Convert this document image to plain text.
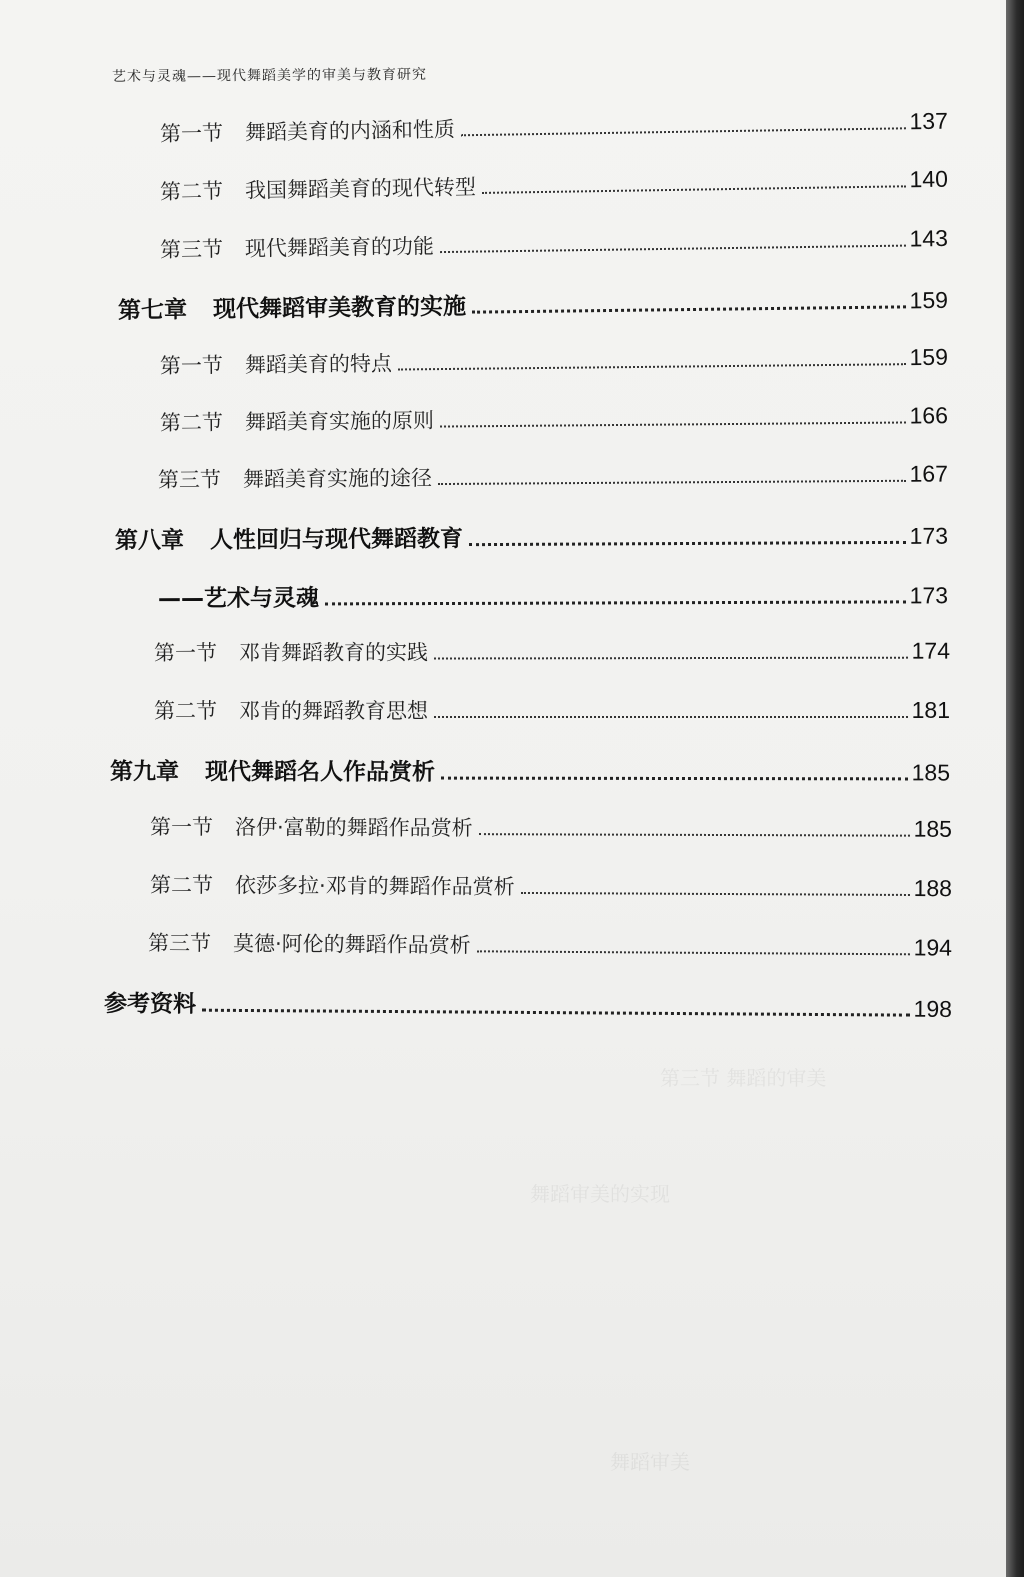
艺术与灵魂——现代舞蹈美学的审美与教育研究
第三节 舞蹈的审美
舞蹈审美的实现
舞蹈审美
第一节 舞蹈美育的内涵和性质	137
第二节 我国舞蹈美育的现代转型	140
第三节 现代舞蹈美育的功能	143
第七章 现代舞蹈审美教育的实施	159
第一节 舞蹈美育的特点	159
第二节 舞蹈美育实施的原则	166
第三节 舞蹈美育实施的途径	167
第八章 人性回归与现代舞蹈教育	173
——艺术与灵魂	173
第一节 邓肯舞蹈教育的实践	174
第二节 邓肯的舞蹈教育思想	181
第九章 现代舞蹈名人作品赏析	185
第一节 洛伊·富勒的舞蹈作品赏析	185
第二节 依莎多拉·邓肯的舞蹈作品赏析	188
第三节 莫德·阿伦的舞蹈作品赏析	194
参考资料	198
